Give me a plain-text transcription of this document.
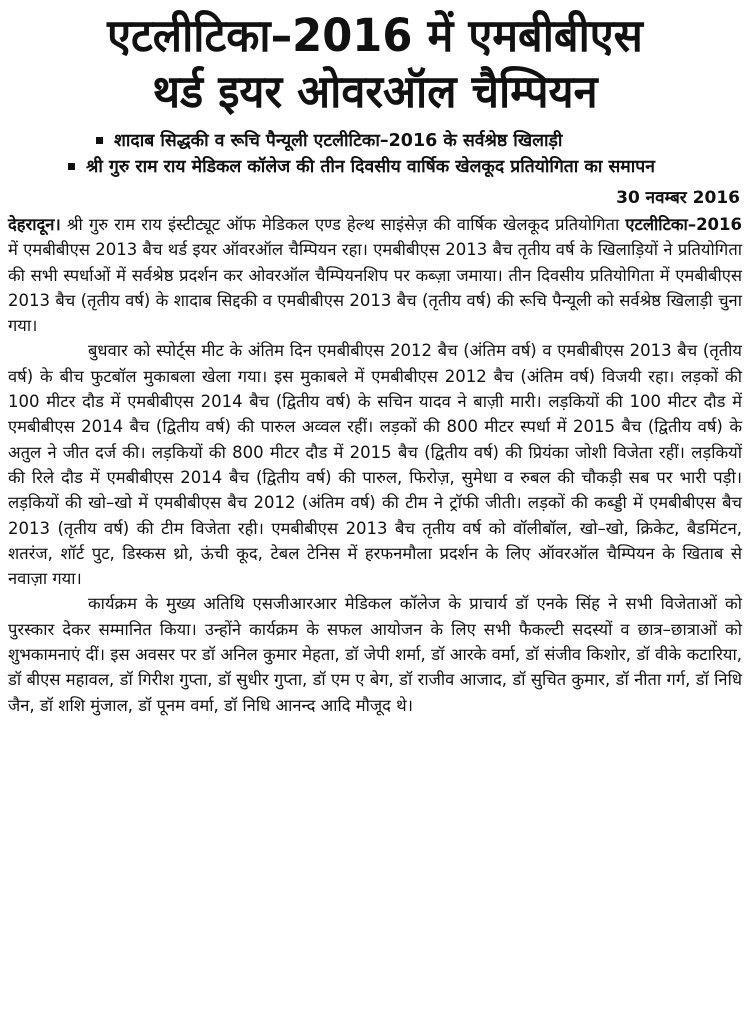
एटलीटिका–2016 में एमबीबीएस
थर्ड इयर ओवरऑल चैम्पियन
शादाब सिद्धकी व रूचि पैन्यूली एटलीटिका–2016 के सर्वश्रेष्ठ खिलाड़ी
श्री गुरु राम राय मेडिकल कॉलेज की तीन दिवसीय वार्षिक खेलकूद प्रतियोगिता का समापन
30 नवम्बर 2016

देहरादून। श्री गुरु राम राय इंस्टीट्यूट ऑफ मेडिकल एण्ड हेल्थ साइंसेज़ की वार्षिक खेलकूद प्रतियोगिता एटलीटिका–2016 में एमबीबीएस 2013 बैच थर्ड इयर ऑवरऑल चैम्पियन रहा। एमबीबीएस 2013 बैच तृतीय वर्ष के खिलाड़ियों ने प्रतियोगिता की सभी स्पर्धाओं में सर्वश्रेष्ठ प्रदर्शन कर ओवरऑल चैम्पियनशिप पर कब्ज़ा जमाया। तीन दिवसीय प्रतियोगिता में एमबीबीएस 2013 बैच (तृतीय वर्ष) के शादाब सिद्दकी व एमबीबीएस 2013 बैच (तृतीय वर्ष) की रूचि पैन्यूली को सर्वश्रेष्ठ खिलाड़ी चुना गया।

बुधवार को स्पोर्ट्स मीट के अंतिम दिन एमबीबीएस 2012 बैच (अंतिम वर्ष) व एमबीबीएस 2013 बैच (तृतीय वर्ष) के बीच फुटबॉल मुकाबला खेला गया। इस मुकाबले में एमबीबीएस 2012 बैच (अंतिम वर्ष) विजयी रहा। लड़कों की 100 मीटर दौड में एमबीबीएस 2014 बैच (द्वितीय वर्ष) के सचिन यादव ने बाज़ी मारी। लड़कियों की 100 मीटर दौड में एमबीबीएस 2014 बैच (द्वितीय वर्ष) की पारुल अव्वल रहीं। लड़कों की 800 मीटर स्पर्धा में 2015 बैच (द्वितीय वर्ष) के अतुल ने जीत दर्ज की। लड़कियों की 800 मीटर दौड में 2015 बैच (द्वितीय वर्ष) की प्रियंका जोशी विजेता रहीं। लड़कियों की रिले दौड में एमबीबीएस 2014 बैच (द्वितीय वर्ष) की पारुल, फिरोज़, सुमेधा व रुबल की चौकड़ी सब पर भारी पड़ी। लड़कियों की खो–खो में एमबीबीएस बैच 2012 (अंतिम वर्ष) की टीम ने ट्रॉफी जीती। लड़कों की कब्ड्डी में एमबीबीएस बैच 2013 (तृतीय वर्ष) की टीम विजेता रही। एमबीबीएस 2013 बैच तृतीय वर्ष को वॉलीबॉल, खो–खो, क्रिकेट, बैडमिंटन, शतरंज, शॉर्ट पुट, डिस्कस थ्रो, ऊंची कूद, टेबल टेनिस में हरफनमौला प्रदर्शन के लिए ऑवरऑल चैम्पियन के खिताब से नवाज़ा गया।

कार्यक्रम के मुख्य अतिथि एसजीआरआर मेडिकल कॉलेज के प्राचार्य डॉ एनके सिंह ने सभी विजेताओं को पुरस्कार देकर सम्मानित किया। उन्होंने कार्यक्रम के सफल आयोजन के लिए सभी फैकल्टी सदस्यों व छात्र–छात्राओं को शुभकामनाएं दीं। इस अवसर पर डॉ अनिल कुमार मेहता, डॉ जेपी शर्मा, डॉ आरके वर्मा, डॉ संजीव किशोर, डॉ वीके कटारिया, डॉ बीएस महावल, डॉ गिरीश गुप्ता, डॉ सुधीर गुप्ता, डॉ एम ए बेग, डॉ राजीव आजाद, डॉ सुचित कुमार, डॉ नीता गर्ग, डॉ निधि जैन, डॉ शशि मुंजाल, डॉ पूनम वर्मा, डॉ निधि आनन्द आदि मौजूद थे।
